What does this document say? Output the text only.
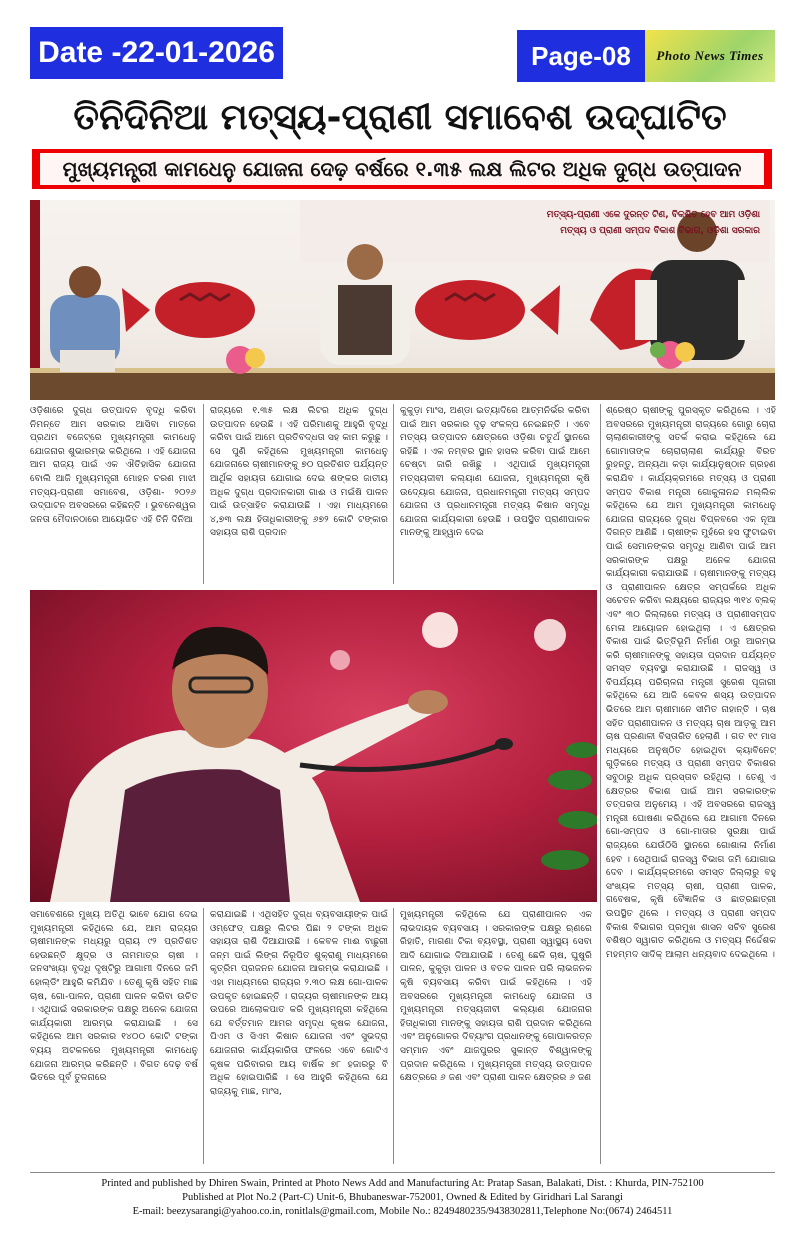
Date -22-01-2026	Page-08	Photo News Times
ତିନିଦିନିଆ ମତ୍ସ୍ୟ-ପ୍ରାଣୀ ସମାବେଶ ଉଦ୍‌ଘାଟିତ
ମୁଖ୍ୟମନ୍ତ୍ରୀ କାମଧେନୁ ଯୋଜନା ଦେଢ଼ ବର୍ଷରେ ୧.୩୫ ଲକ୍ଷ ଲିଟର ଅଧିକ ଦୁଗ୍ଧ ଉତ୍ପାଦନ
ମତ୍ସ୍ୟ-ପ୍ରାଣୀ ଏକେ ଦୁରନ୍ତ ଟିଣ, ବିକଶିତ ହେବ ଆମ ଓଡ଼ିଶା
ମତ୍ସ୍ୟ ଓ ପ୍ରାଣୀ ସମ୍ପଦ ବିକାଶ ବିଭାଗ, ଓଡ଼ିଶା ସରକାର
ଓଡ଼ିଶାରେ ଦୁଗ୍ଧ ଉତ୍ପାଦନ ବୃଦ୍ଧି କରିବା ନିମନ୍ତେ ଆମ ସରକାର ଆସିବା ମାତ୍ରେ ପ୍ରଥମ ବଜେଟ୍‌ରେ ମୁଖ୍ୟମନ୍ତ୍ରୀ କାମଧେନୁ ଯୋଜନାର ଶୁଭାରମ୍ଭ କରିଥିଲେ । ଏହି ଯୋଜନା ଆମ ରାଜ୍ୟ ପାଇଁ ଏକ ଐତିହାସିକ ଯୋଜନା ବୋଲି ଆଜି ମୁଖ୍ୟମନ୍ତ୍ରୀ ମୋହନ ଚରଣ ମାଝୀ ମତ୍ସ୍ୟ-ପ୍ରାଣୀ ସମାବେଶ, ଓଡ଼ିଶା- ୨୦୨୬ ଉଦ୍‌ଘାଟନ ଅବସରରେ କହିଛନ୍ତି । ଭୁବନେଶ୍ୱର ଜନତା ମୈଦାନଠାରେ ଆୟୋଜିତ ଏହି ତିନି ଦିନିଆ
ରାଜ୍ୟରେ ୧.୩୫ ଲକ୍ଷ ଲିଟର ଅଧିକ ଦୁଗ୍ଧ ଉତ୍ପାଦନ ହେଉଛି । ଏହି ପରିମାଣକୁ ଆହୁରି ବୃଦ୍ଧି କରିବା ପାଇଁ ଆମେ ପ୍ରତିବଦ୍ଧତା ସହ କାମ କରୁଛୁ । ସେ ପୁଣି କହିଥିଲେ ମୁଖ୍ୟମନ୍ତ୍ରୀ କାମଧେନୁ ଯୋଜନାରେ ଚାଷୀମାନଙ୍କୁ ୭୦ ପ୍ରତିଶତ ପର୍ଯ୍ୟନ୍ତ ଆର୍ଥିକ ସହାୟତା ଯୋଗାଇ ଦେଇ ଶଙ୍କର ଜାତୀୟ ଅଧିକ ଦୁଗ୍ଧ ପ୍ରଦାନକାରୀ ଗାଈ ଓ ମଇଁଷି ପାଳନ ପାଇଁ ଉତ୍ସାହିତ କରାଯାଉଛି । ଏହା ମାଧ୍ୟମରେ ୪,୭୩ ଲକ୍ଷ ହିତାଧିକାରୀଙ୍କୁ ୬୭୨ କୋଟି ଟଙ୍କାର ସହାୟତା ରାଶି ପ୍ରଦାନ
କୁକୁଡ଼ା ମାଂସ, ଅଣ୍ଡା ଇତ୍ୟାଦିରେ ଆତ୍ମନିର୍ଭର କରିବା ପାଇଁ ଆମ ସରକାର ଦୃଢ଼ ସଂକଳ୍ପ ନେଇଛନ୍ତି । ଏବେ ମତ୍ସ୍ୟ ଉତ୍ପାଦନ କ୍ଷେତ୍ରରେ ଓଡ଼ିଶା ଚତୁର୍ଥ ସ୍ଥାନରେ ରହିଛି । ଏକ ନମ୍ବର ସ୍ଥାନ ହାସଲ କରିବା ପାଇଁ ଆମେ ଚେଷ୍ଟା ଜାରି ରଖିଛୁ । ଏଥିପାଇଁ ମୁଖ୍ୟମନ୍ତ୍ରୀ ମତ୍ସ୍ୟଜୀବୀ କଲ୍ୟାଣ ଯୋଜନା, ମୁଖ୍ୟମନ୍ତ୍ରୀ କୃଷି ଉଦ୍ୟୋଗ ଯୋଜନା, ପ୍ରଧାନମନ୍ତ୍ରୀ ମତ୍ସ୍ୟ ସମ୍ପଦ ଯୋଜନା ଓ ପ୍ରଧାନମନ୍ତ୍ରୀ ମତ୍ସ୍ୟ କିଷାନ ସମୃଦ୍ଧି ଯୋଜନା କାର୍ଯ୍ୟକାରୀ ହେଉଛି । ଉପସ୍ଥିତ ପ୍ରାଣୀପାଳକ ମାନଙ୍କୁ ଆହ୍ୱାନ ଦେଇ
ଶ୍ରେଷ୍ଠ ଚାଷୀଙ୍କୁ ପୁରସ୍କୃତ କରିଥିଲେ । ଏହି ଅବସରରେ ମୁଖ୍ୟମନ୍ତ୍ରୀ ରାଜ୍ୟରେ ଗୋରୁ ଚୋରା ଚାଲାଣକାରୀଙ୍କୁ ସତର୍କ କରାଇ କହିଥିଲେ ଯେ ଗୋମାତାଙ୍କ ଚୋରାଚାଲାଣ କାର୍ଯ୍ୟରୁ ବିରତ ରୁହନ୍ତୁ, ଅନ୍ୟଥା କଡ଼ା କାର୍ଯ୍ୟାନୁଷ୍ଠାନ ଗ୍ରହଣ କରାଯିବ । କାର୍ଯ୍ୟକ୍ରମରେ ମତ୍ସ୍ୟ ଓ ପ୍ରାଣୀ ସମ୍ପଦ ବିକାଶ ମନ୍ତ୍ରୀ ଗୋକୁଳାନନ୍ଦ ମଲ୍ଲିକ କହିଥିଲେ ଯେ ଆମ ମୁଖ୍ୟମନ୍ତ୍ରୀ କାମଧେନୁ ଯୋଜନା ରାଜ୍ୟରେ ଦୁଗ୍ଧ ବିପ୍ଳବରେ ଏକ ନୂଆ ଦିଗନ୍ତ ଆଣିଛି । ଚାଷୀଙ୍କ ମୁହଁରେ ହସ ଫୁଟାଇବା ପାଇଁ ସେମାନଙ୍କର ସମୃଦ୍ଧି ଆଣିବା ପାଇଁ ଆମ ସରକାରଙ୍କ ପକ୍ଷରୁ ଅନେକ ଯୋଜନା କାର୍ଯ୍ୟକାରୀ କରାଯାଉଛି । ଚାଷୀମାନଙ୍କୁ ମତ୍ସ୍ୟ ଓ ପ୍ରାଣୀପାଳନ କ୍ଷେତ୍ର ସମ୍ପର୍କରେ ଅଧିକ ସଚେତନ କରିବା ଲକ୍ଷ୍ୟରେ ରାଜ୍ୟର ୩୧୪ ବ୍ଲକ୍ ଏବଂ ୩୦ ଜିଲ୍ଲାରେ ମତ୍ସ୍ୟ ଓ ପ୍ରାଣୀସମ୍ପଦ ମେଳା ଆୟୋଜନ ହୋଇଥିଲା । ଏ କ୍ଷେତ୍ରର ବିକାଶ ପାଇଁ ଭିତ୍ତିଭୂମି ନିର୍ମାଣ ଠାରୁ ଆରମ୍ଭ କରି ଚାଷୀମାନଙ୍କୁ ସହାୟତା ପ୍ରଦାନ ପର୍ଯ୍ୟନ୍ତ ସମସ୍ତ ବ୍ୟବସ୍ଥା କରାଯାଉଛି । ରାଜସ୍ୱ ଓ ବିପର୍ଯ୍ୟୟ ପରିଚାଳନା ମନ୍ତ୍ରୀ ସୁରେଶ ପୂଜାରୀ କହିଥିଲେ ଯେ ଆଜି କେବଳ ଶସ୍ୟ ଉତ୍ପାଦନ ଭିତରେ ଆମ ଚାଷୀମାନେ ସୀମିତ ନାହାନ୍ତି । ଚାଷ ସହିତ ପ୍ରାଣୀପାଳନ ଓ ମତ୍ସ୍ୟ ଚାଷ ଆଡ଼କୁ ଆମ ଚାଷ ପ୍ରଣାଳୀ ବିସ୍ତାରିତ ହେଲାଣି । ଗତ ୧୯ ମାସ ମଧ୍ୟରେ ଅନୁଷ୍ଠିତ ହୋଇଥିବା କ୍ୟାବିନେଟ୍ ଗୁଡ଼ିକରେ ମତ୍ସ୍ୟ ଓ ପ୍ରାଣୀ ସମ୍ପଦ ବିକାଶର ସବୁଠାରୁ ଅଧିକ ପ୍ରସ୍ତାବ ରହିଥିଲା । ତେଣୁ ଏ କ୍ଷେତ୍ରର ବିକାଶ ପାଇଁ ଆମ ସରକାରଙ୍କ ତତ୍ପରତା ଅନୁମେୟ । ଏହି ଅବସରରେ ରାଜସ୍ୱ ମନ୍ତ୍ରୀ ଘୋଷଣା କରିଥିଲେ ଯେ ଆଗାମୀ ଦିନରେ ଗୋ-ସମ୍ପଦ ଓ ଗୋ-ମାତାର ସୁରକ୍ଷା ପାଇଁ ରାଜ୍ୟରେ ଯେଉଁଠିସି ସ୍ଥାନରେ ଗୋଶାଳା ନିର୍ମାଣ ହେବ । ସେଥିପାଇଁ ରାଜସ୍ୱ ବିଭାଗ ଜମି ଯୋଗାଇ ଦେବ । କାର୍ଯ୍ୟକ୍ରମରେ ସମସ୍ତ ଜିଲ୍ଲାରୁ ବହୁ ସଂଖ୍ୟକ ମତ୍ସ୍ୟ ଚାଷୀ, ପ୍ରାଣୀ ପାଳକ, ଗବେଷକ, କୃଷି ବୈଜ୍ଞାନିକ ଓ ଛାତ୍ରଛାତ୍ରୀ ଉପସ୍ଥିତ ଥିଲେ । ମତ୍ସ୍ୟ ଓ ପ୍ରାଣୀ ସମ୍ପଦ ବିକାଶ ବିଭାଗର ପ୍ରମୁଖ ଶାସନ ସଚିବ ସୁରେଶ ବଶିଷ୍ଠ ସ୍ୱାଗତ କରିଥିଲେ ଓ ମତ୍ସ୍ୟ ନିର୍ଦ୍ଦେଶକ ମହମ୍ମଦ ସାଦିକ୍ ଆଲାମ ଧନ୍ୟବାଦ ଦେଇଥିଲେ ।
ସମାବେଶରେ ମୁଖ୍ୟ ଅତିଥି ଭାବେ ଯୋଗ ଦେଇ ମୁଖ୍ୟମନ୍ତ୍ରୀ କହିଥିଲେ ଯେ, ଆମ ରାଜ୍ୟର ଚାଷୀମାନଙ୍କ ମଧ୍ୟରୁ ପ୍ରାୟ ୯୨ ପ୍ରତିଶତ ହେଉଛନ୍ତି କ୍ଷୁଦ୍ର ଓ ନାମମାତ୍ର ଚାଷୀ । ଜନସଂଖ୍ୟା ବୃଦ୍ଧି ଦୃଷ୍ଟିରୁ ଆଗାମୀ ଦିନରେ ଜମି ହୋଲ୍ଡିଂ ଆହୁରି କମିଯିବ । ତେଣୁ କୃଷି ସହିତ ମାଛ ଚାଷ, ଗୋ-ପାଳନ, ପ୍ରାଣୀ ପାଳନ କରିବା ଉଚିତ । ଏଥିପାଇଁ ସରକାରଙ୍କ ପକ୍ଷରୁ ଅନେକ ଯୋଜନା କାର୍ଯ୍ୟକାରୀ ଆରମ୍ଭ କରାଯାଇଛି । ସେ କହିଥିଲେ ଆମ ସରକାର ୧୪୦୦ କୋଟି ଟଙ୍କା ବ୍ୟୟ ଅଟକଳରେ ମୁଖ୍ୟମନ୍ତ୍ରୀ କାମଧେନୁ ଯୋଜନା ଆରମ୍ଭ କରିଛନ୍ତି । ବିଗତ ଦେଢ଼ ବର୍ଷ ଭିତରେ ପୂର୍ବ ତୁଳନାରେ
କରାଯାଇଛି । ଏଥିସହିତ ଦୁଗ୍ଧ ବ୍ୟବସାୟୀଙ୍କ ପାଇଁ ଓମ୍‌ଫେଡ୍ ପକ୍ଷରୁ ଲିଟର ପିଛା ୨ ଟଙ୍କା ଅଧିକ ସହାୟତା ରାଶି ଦିଆଯାଉଛି । କେବଳ ମାଈ ବାଛୁରୀ ଜନ୍ମ ପାଇଁ ଲିଙ୍ଗ ନିରୂପିତ ଶୁକ୍ରାଣୁ ମାଧ୍ୟମରେ କୃତ୍ରିମ ପ୍ରଜନନ ଯୋଜନା ଆରମ୍ଭ କରାଯାଇଛି । ଏହା ମାଧ୍ୟମରେ ରାଜ୍ୟର ୨.୩୦ ଲକ୍ଷ ଗୋ-ପାଳକ ଉପକୃତ ହୋଇଛନ୍ତି । ରାଜ୍ୟର ଚାଷୀମାନଙ୍କ ଆୟ ଉପରେ ଆଲୋକପାତ କରି ମୁଖ୍ୟମନ୍ତ୍ରୀ କହିଥିଲେ ଯେ ବର୍ତ୍ତମାନ ଆମର ସମୃଦ୍ଧ କୃଷକ ଯୋଜନା, ପିଏମ ଓ ସିଏମ କିଷାନ ଯୋଜନା ଏବଂ ସୁଭଦ୍ରା ଯୋଜନାର କାର୍ଯ୍ୟକାରିତା ଫଳରେ ଏବେ ଗୋଟିଏ କୃଷକ ପରିବାରର ଆୟ ବାର୍ଷିକ ୭୮ ହଜାରରୁ ବି ଅଧିକ ହୋଇପାରିଛି । ସେ ଆହୁରି କହିଥିଲେ ଯେ ରାଜ୍ୟକୁ ମାଛ, ମାଂସ,
ମୁଖ୍ୟମନ୍ତ୍ରୀ କହିଥିଲେ ଯେ ପ୍ରାଣୀପାଳନ ଏକ ଲାଭଦାୟକ ବ୍ୟବସାୟ । ସରକାରଙ୍କ ପକ୍ଷରୁ ଋଣରେ ରିହାତି, ମାଗଣା ଟିକା ବ୍ୟବସ୍ଥା, ପ୍ରାଣୀ ସ୍ୱାସ୍ଥ୍ୟ ସେବା ଆଦି ଯୋଗାଇ ଦିଆଯାଉଛି । ତେଣୁ ଛେଳି ଚାଷ, ଘୁଷୁରି ପାଳନ, କୁକୁଡ଼ା ପାଳନ ଓ ବତକ ପାଳନ ପରି ଲାଭଜନକ କୃଷି ବ୍ୟବସାୟ କରିବା ପାଇଁ କହିଥିଲେ । ଏହି ଅବସରରେ ମୁଖ୍ୟମନ୍ତ୍ରୀ କାମଧେନୁ ଯୋଜନା ଓ ମୁଖ୍ୟମନ୍ତ୍ରୀ ମତ୍ସ୍ୟଜୀବୀ କଲ୍ୟାଣ ଯୋଜନାର ହିତାଧିକାରୀ ମାନଙ୍କୁ ସହାୟତା ରାଶି ପ୍ରଦାନ କରିଥିଲେ ଏବଂ ଅନୁଗୋଳର ଦିବ୍ୟାଂଗ ପ୍ରଧାନଙ୍କୁ ଗୋପାଳରତ୍ନ ସମ୍ମାନ ଏବଂ ଯାଜପୁରର ସୁକାନ୍ତ ବିଶ୍ୱାଳଙ୍କୁ ପ୍ରଦାନ କରିଥିଲେ । ମୁଖ୍ୟମନ୍ତ୍ରୀ ମତ୍ସ୍ୟ ଉତ୍ପାଦନ କ୍ଷେତ୍ରରେ ୬ ଜଣ ଏବଂ ପ୍ରାଣୀ ପାଳନ କ୍ଷେତ୍ରର ୬ ଜଣ
Printed and published by Dhiren Swain, Printed at Photo News Add and Manufacturing At: Pratap Sasan, Balakati, Dist. : Khurda, PIN-752100
Published at Plot No.2 (Part-C) Unit-6, Bhubaneswar-752001, Owned & Edited by Giridhari Lal Sarangi
E-mail: beezysarangi@yahoo.co.in, ronitlals@gmail.com, Mobile No.: 8249480235/9438302811,Telephone No:(0674) 2464511
